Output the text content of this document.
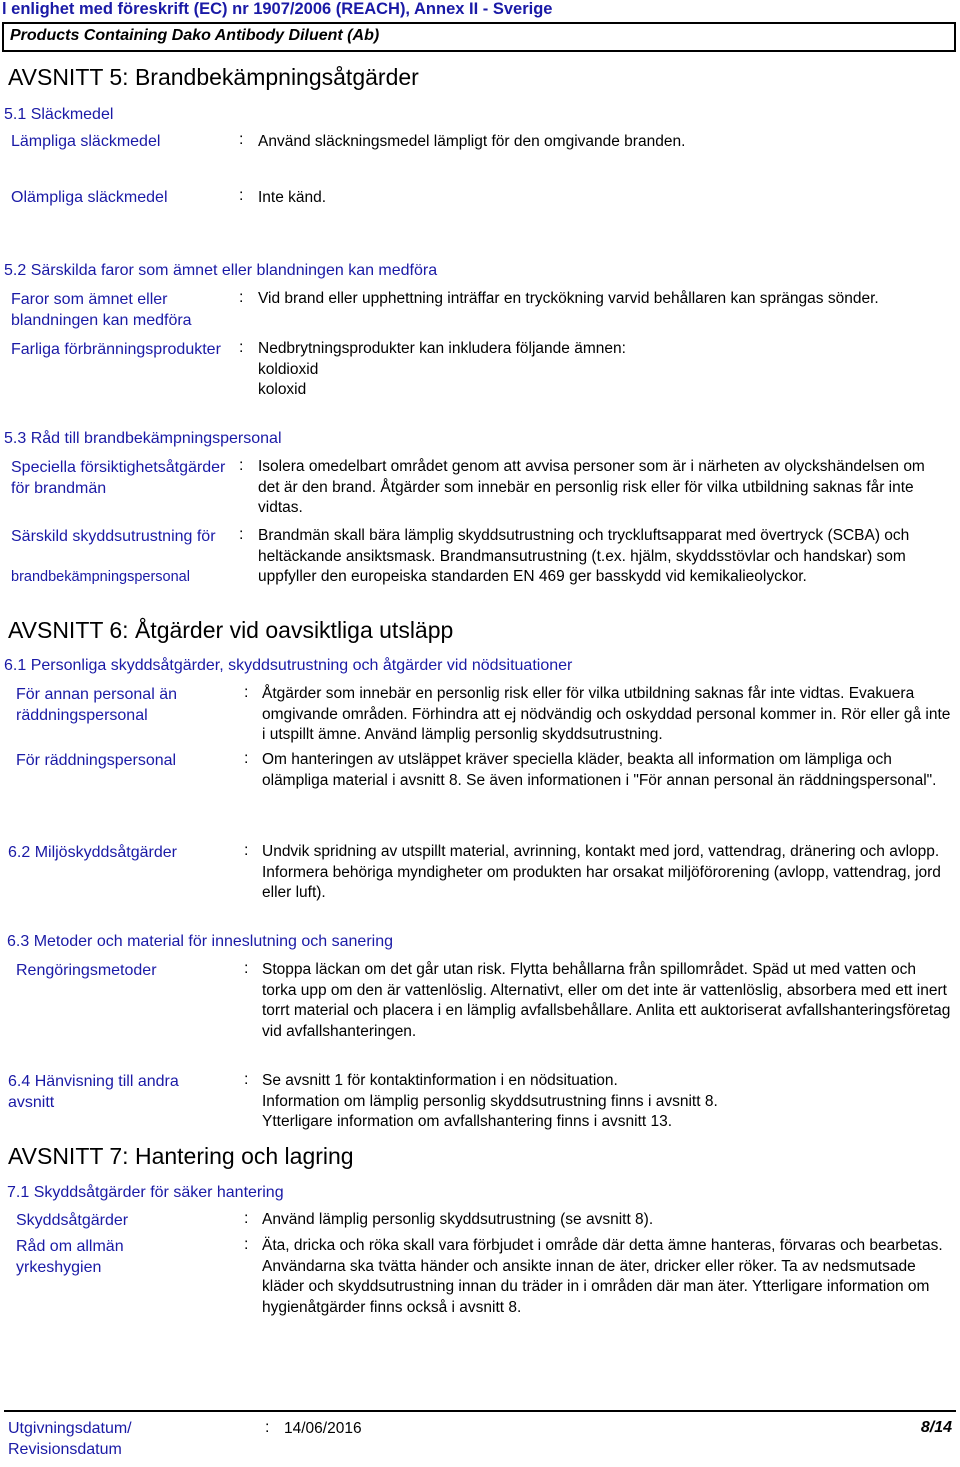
l enlighet med föreskrift (EC) nr 1907/2006 (REACH), Annex II - Sverige
Products Containing Dako Antibody Diluent (Ab)
AVSNITT 5: Brandbekämpningsåtgärder
5.1 Släckmedel
Lämpliga släckmedel	: Använd släckningsmedel lämpligt för den omgivande branden.
Olämpliga släckmedel	: Inte känd.
5.2 Särskilda faror som ämnet eller blandningen kan medföra
Faror som ämnet eller blandningen kan medföra
: Vid brand eller upphettning inträffar en tryckökning varvid behållaren kan sprängas sönder.
Farliga förbränningsprodukter : Nedbrytningsprodukter kan inkludera följande ämnen:
koldioxid
koloxid
5.3 Råd till brandbekämpningspersonal
Speciella försiktighetsåtgärder för brandmän
: Isolera omedelbart området genom att avvisa personer som är i närheten av olyckshändelsen om det är den brand. Åtgärder som innebär en personlig risk eller för vilka utbildning saknas får inte vidtas.
Särskild skyddsutrustning för
brandbekämpningspersonal
: Brandmän skall bära lämplig skyddsutrustning och tryckluftsapparat med övertryck (SCBA) och heltäckande ansiktsmask. Brandmansutrustning (t.ex. hjälm, skyddsstövlar och handskar) som uppfyller den europeiska standarden EN 469 ger basskydd vid kemikalieolyckor.
AVSNITT 6: Åtgärder vid oavsiktliga utsläpp
6.1 Personliga skyddsåtgärder, skyddsutrustning och åtgärder vid nödsituationer
För annan personal än räddningspersonal
: Åtgärder som innebär en personlig risk eller för vilka utbildning saknas får inte vidtas. Evakuera omgivande områden. Förhindra att ej nödvändig och oskyddad personal kommer in. Rör eller gå inte i utspillt ämne. Använd lämplig personlig skyddsutrustning.
För räddningspersonal	: Om hanteringen av utsläppet kräver speciella kläder, beakta all information om lämpliga och olämpliga material i avsnitt 8. Se även informationen i "För annan personal än räddningspersonal".
6.2 Miljöskyddsåtgärder	: Undvik spridning av utspillt material, avrinning, kontakt med jord, vattendrag, dränering och avlopp. Informera behöriga myndigheter om produkten har orsakat miljöförorening (avlopp, vattendrag, jord eller luft).
6.3 Metoder och material för inneslutning och sanering
Rengöringsmetoder	: Stoppa läckan om det går utan risk. Flytta behållarna från spillområdet. Späd ut med vatten och torka upp om den är vattenlöslig. Alternativt, eller om det inte är vattenlöslig, absorbera med ett inert torrt material och placera i en lämplig avfallsbehållare. Anlita ett auktoriserat avfallshanteringsföretag vid avfallshanteringen.
6.4 Hänvisning till andra avsnitt
: Se avsnitt 1 för kontaktinformation i en nödsituation.
Information om lämplig personlig skyddsutrustning finns i avsnitt 8.
Ytterligare information om avfallshantering finns i avsnitt 13.
AVSNITT 7: Hantering och lagring
7.1 Skyddsåtgärder för säker hantering
Skyddsåtgärder	: Använd lämplig personlig skyddsutrustning (se avsnitt 8).
Råd om allmän yrkeshygien
: Äta, dricka och röka skall vara förbjudet i område där detta ämne hanteras, förvaras och bearbetas. Användarna ska tvätta händer och ansikte innan de äter, dricker eller röker. Ta av nedsmutsade kläder och skyddsutrustning innan du träder in i områden där man äter. Ytterligare information om hygienåtgärder finns också i avsnitt 8.
Utgivningsdatum/ Revisionsdatum
: 14/06/2016	8/14
